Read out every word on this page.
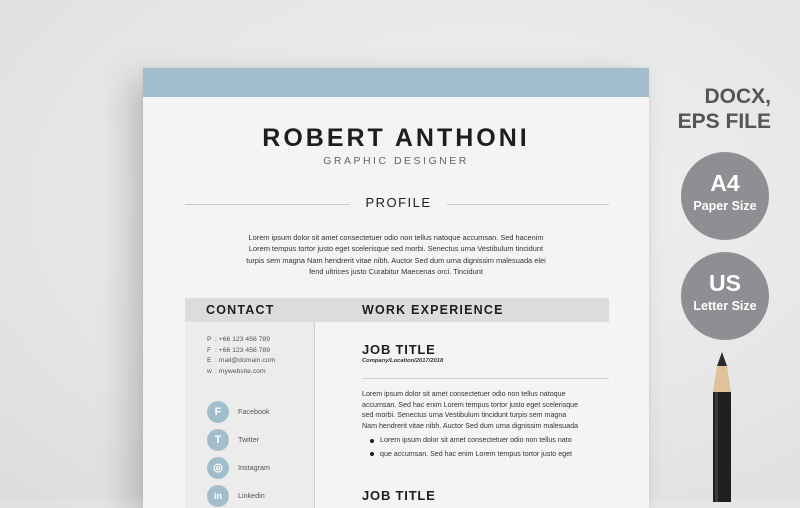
ROBERT ANTHONI
GRAPHIC DESIGNER
PROFILE
Lorem ipsum dolor sit amet consectetuer odio non tellus natoque accumsan. Sed hacenim
Lorem tempus tortor justo eget scelerisque sed morbi. Senectus urna Vestibulum tincidunt
turpis sem magna Nam hendrerit vitae nibh. Auctor Sed dum urna dignissim malesuada elei
fend ultrices justo Curabitur Maecenas orci. Tincidunt
CONTACT	WORK EXPERIENCE
P : +66 123 456 789
F : +66 123 456 789
E : mail@domain.com
w : mywebsite.com
F	Facebook
T	Twitter
◎	Instagram
in	Linkedin
JOB TITLE
Company/Location/2017/2018
Lorem ipsum dolor sit amet consectetuer odio non tellus natoque
accumsan. Sed hac enim Lorem tempus tortor justo eget scelerisque
sed morbi. Senectus urna Vestibulum tincidunt turpis sem magna
Nam hendrerit vitae nibh. Auctor Sed dum urna dignissim malesuada
Lorem ipsum dolor sit amet consectetuer odio non tellus nato
que accumsan. Sed hac enim Lorem tempus tortor justo eget
JOB TITLE
DOCX,
EPS FILE
A4
Paper Size
US
Letter Size
